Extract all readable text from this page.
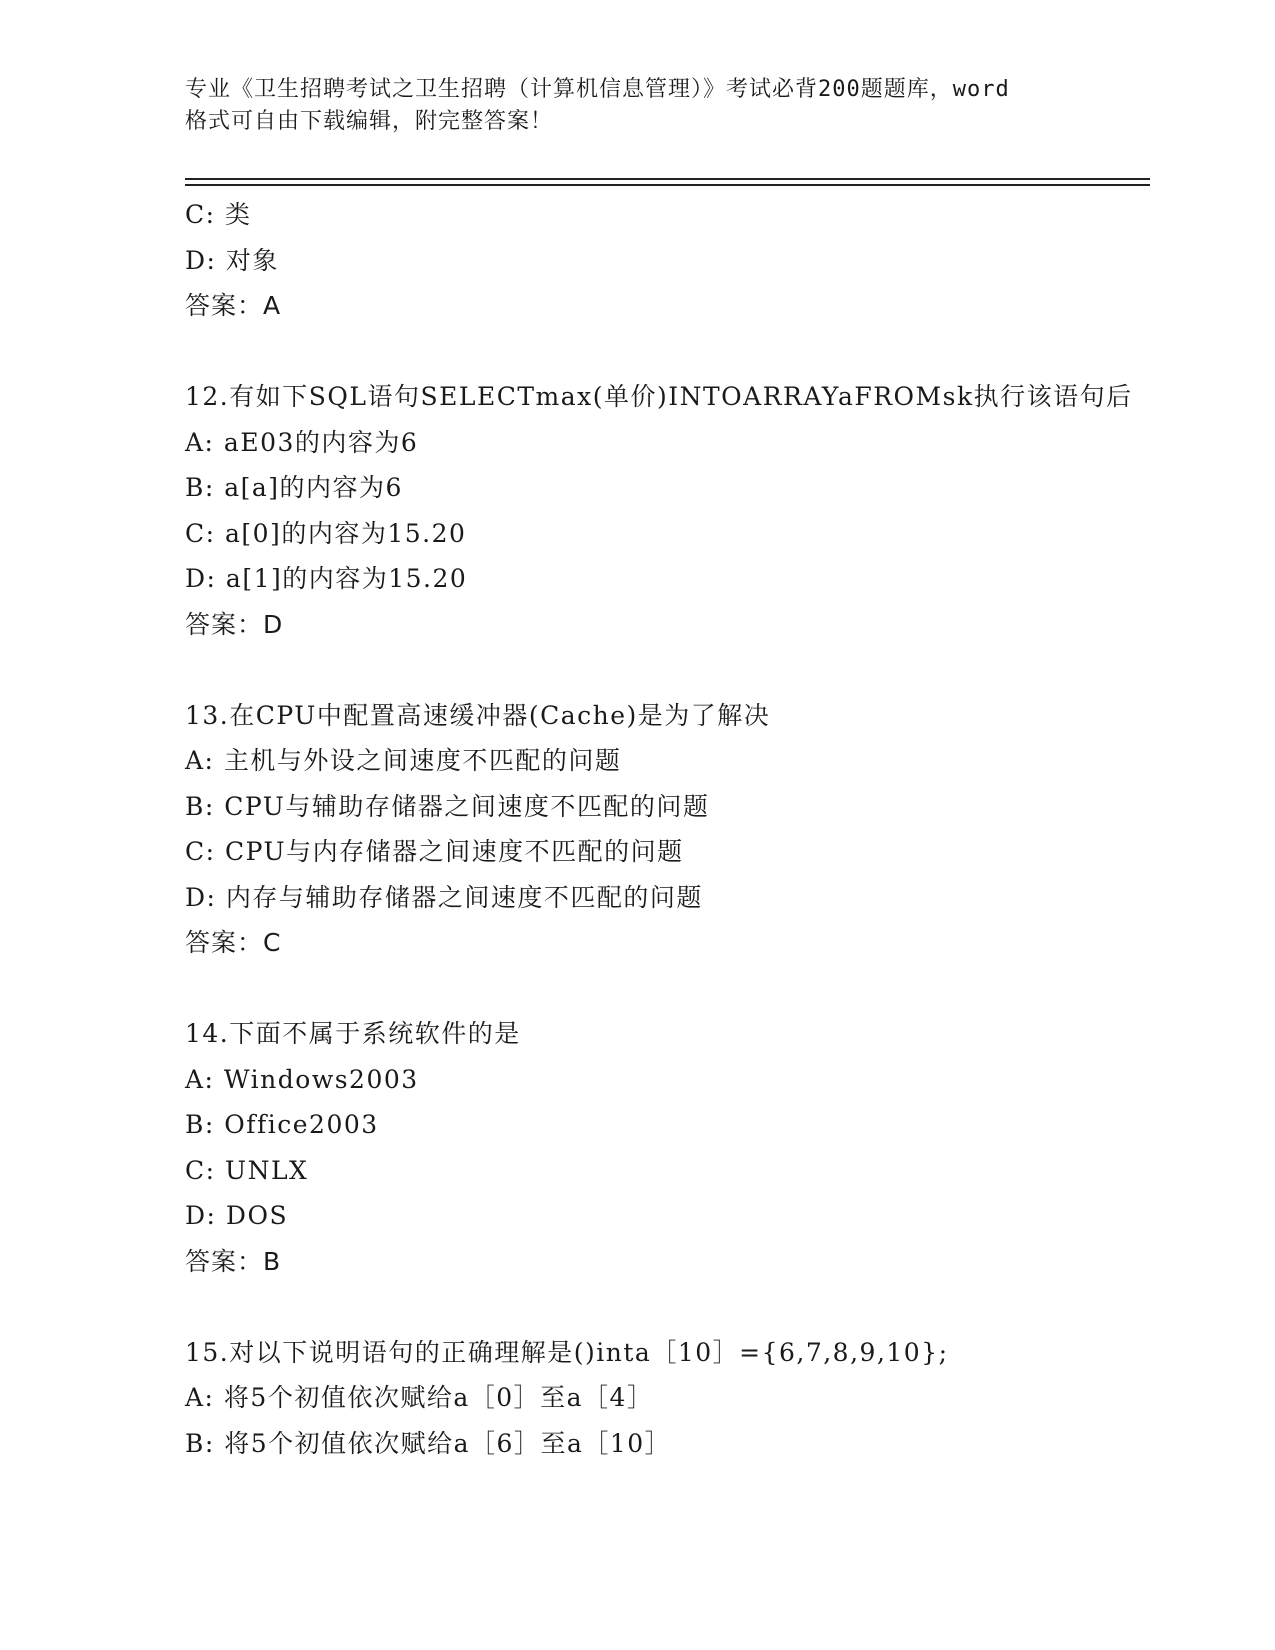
专业《卫生招聘考试之卫生招聘（计算机信息管理）》考试必背200题题库，word
格式可自由下载编辑，附完整答案！
C: 类
D: 对象
答案：A
12.有如下SQL语句SELECTmax(单价)INTOARRAYaFROMsk执行该语句后
A: aE03的内容为6
B: a[a]的内容为6
C: a[0]的内容为15.20
D: a[1]的内容为15.20
答案：D
13.在CPU中配置高速缓冲器(Cache)是为了解决
A: 主机与外设之间速度不匹配的问题
B: CPU与辅助存储器之间速度不匹配的问题
C: CPU与内存储器之间速度不匹配的问题
D: 内存与辅助存储器之间速度不匹配的问题
答案：C
14.下面不属于系统软件的是
A: Windows2003
B: Office2003
C: UNLX
D: DOS
答案：B
15.对以下说明语句的正确理解是()inta［10］={6,7,8,9,10};
A: 将5个初值依次赋给a［0］至a［4］
B: 将5个初值依次赋给a［6］至a［10］
